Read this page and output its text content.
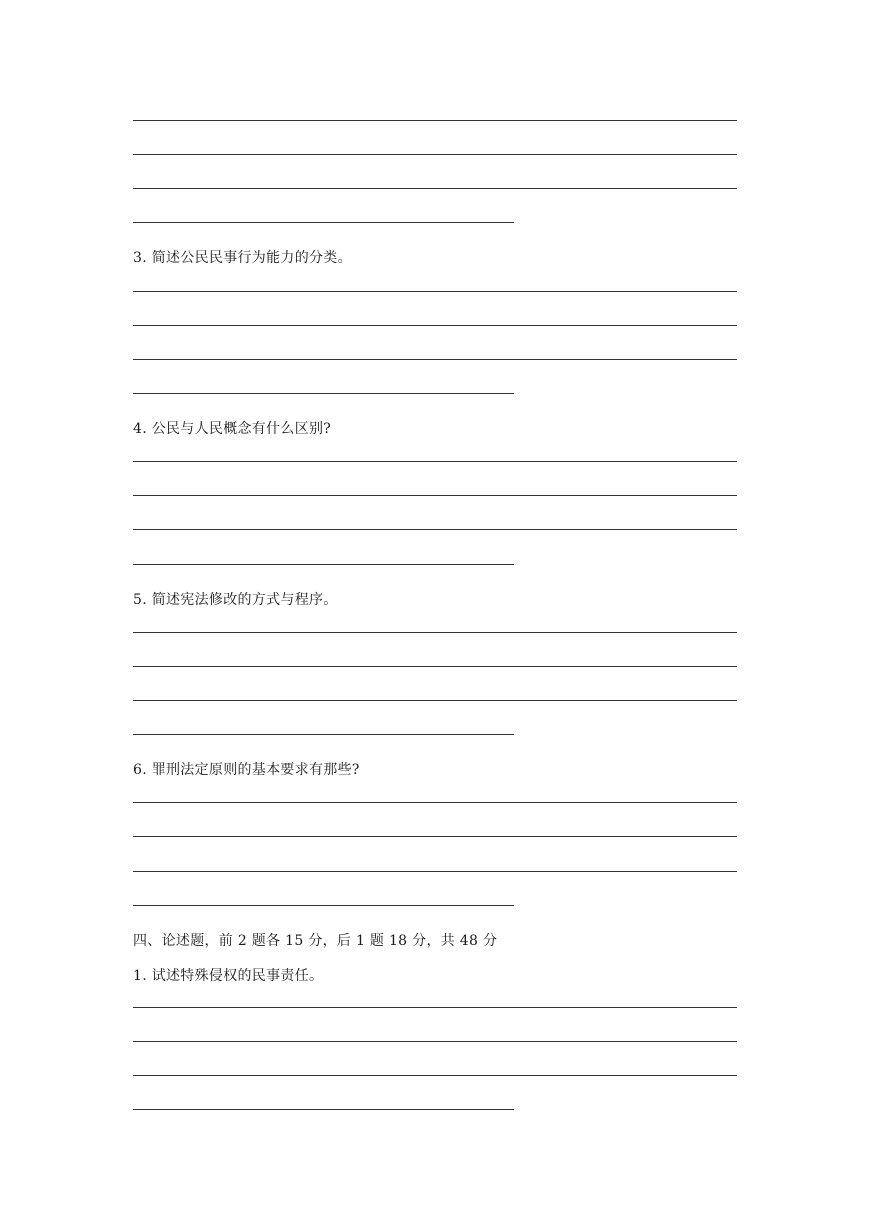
3. 简述公民民事行为能力的分类。
4. 公民与人民概念有什么区别?
5. 简述宪法修改的方式与程序。
6. 罪刑法定原则的基本要求有那些?
四、论述题，前 2 题各 15 分，后 1 题 18 分，共 48 分
1. 试述特殊侵权的民事责任。
